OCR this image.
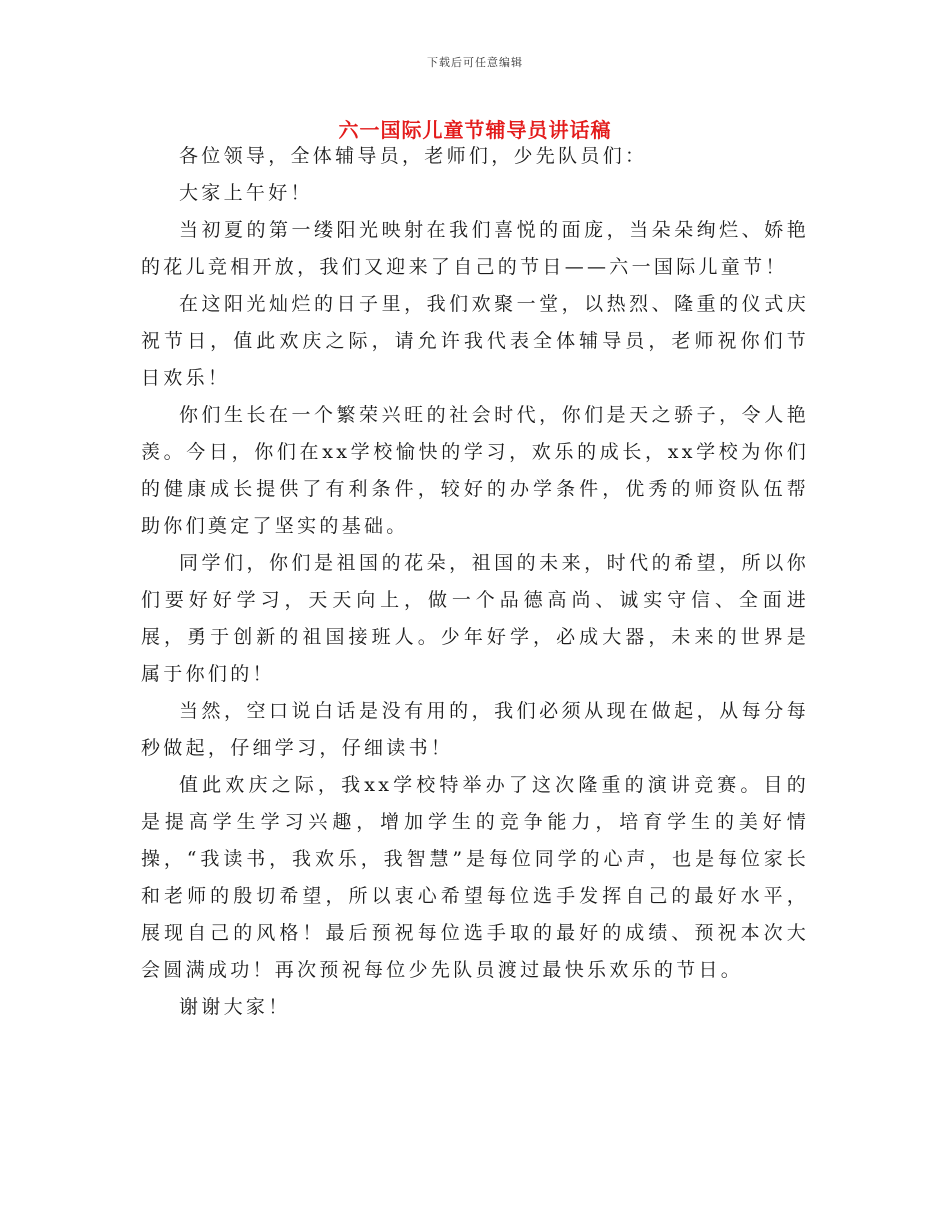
下载后可任意编辑
六一国际儿童节辅导员讲话稿

各位领导，全体辅导员，老师们，少先队员们：

大家上午好！

当初夏的第一缕阳光映射在我们喜悦的面庞，当朵朵绚烂、娇艳的花儿竞相开放，我们又迎来了自己的节日——六一国际儿童节！

在这阳光灿烂的日子里，我们欢聚一堂，以热烈、隆重的仪式庆祝节日，值此欢庆之际，请允许我代表全体辅导员，老师祝你们节日欢乐！

你们生长在一个繁荣兴旺的社会时代，你们是天之骄子，令人艳羡。今日，你们在xx学校愉快的学习，欢乐的成长，xx学校为你们的健康成长提供了有利条件，较好的办学条件，优秀的师资队伍帮助你们奠定了坚实的基础。

同学们，你们是祖国的花朵，祖国的未来，时代的希望，所以你们要好好学习，天天向上，做一个品德高尚、诚实守信、全面进展，勇于创新的祖国接班人。少年好学，必成大器，未来的世界是属于你们的！

当然，空口说白话是没有用的，我们必须从现在做起，从每分每秒做起，仔细学习，仔细读书！

值此欢庆之际，我xx学校特举办了这次隆重的演讲竞赛。目的是提高学生学习兴趣，增加学生的竞争能力，培育学生的美好情操，“我读书，我欢乐，我智慧”是每位同学的心声，也是每位家长和老师的殷切希望，所以衷心希望每位选手发挥自己的最好水平，展现自己的风格！最后预祝每位选手取的最好的成绩、预祝本次大会圆满成功！再次预祝每位少先队员渡过最快乐欢乐的节日。

谢谢大家！
